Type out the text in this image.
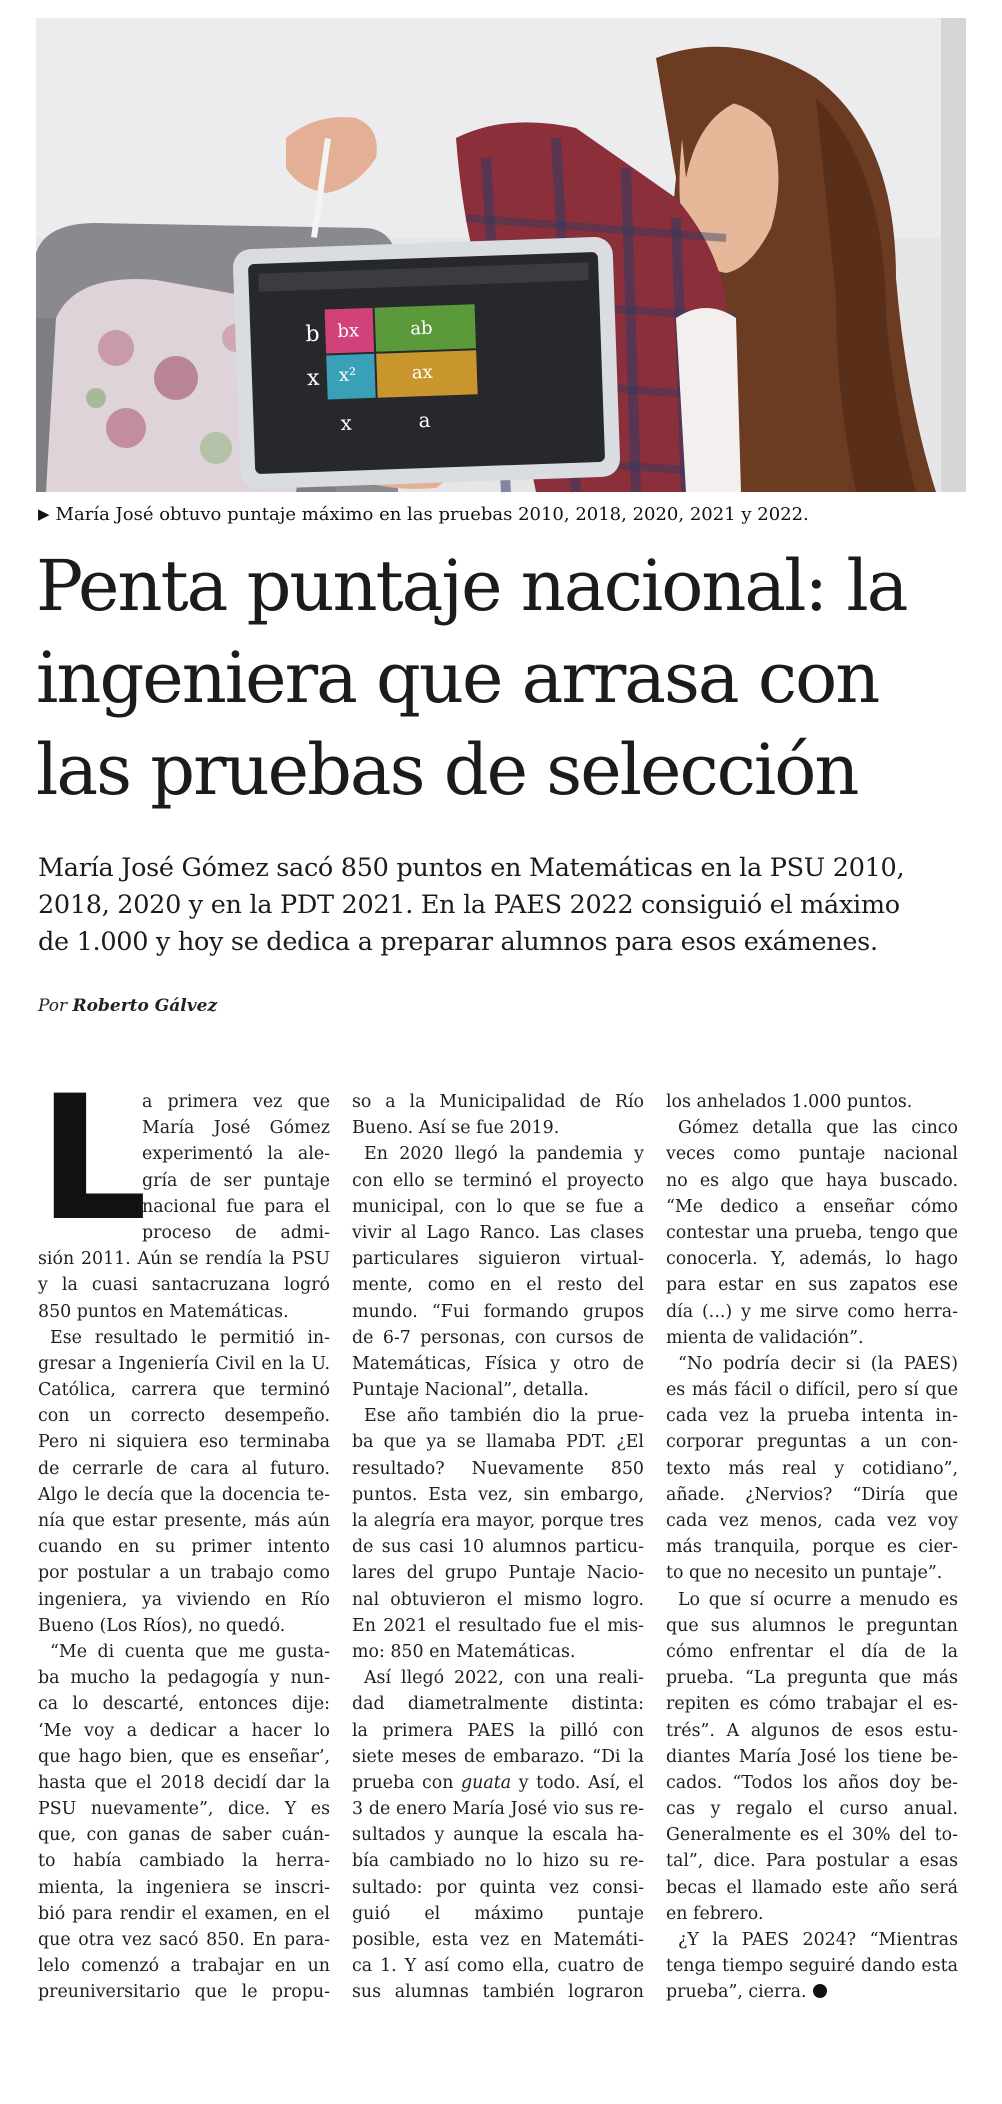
b bx	ab
x x²	ax
x	a
▶ María José obtuvo puntaje máximo en las pruebas 2010, 2018, 2020, 2021 y 2022.
Penta puntaje nacional: la
ingeniera que arrasa con
las pruebas de selección
María José Gómez sacó 850 puntos en Matemáticas en la PSU 2010,
2018, 2020 y en la PDT 2021. En la PAES 2022 consiguió el máximo
de 1.000 y hoy se dedica a preparar alumnos para esos exámenes.
Por Roberto Gálvez
L
a primera vez que
María José Gómez
experimentó la ale-
gría de ser puntaje
nacional fue para el
proceso de admi-
sión 2011. Aún se rendía la PSU
y la cuasi santacruzana logró
850 puntos en Matemáticas.
Ese resultado le permitió in-
gresar a Ingeniería Civil en la U.
Católica, carrera que terminó
con un correcto desempeño.
Pero ni siquiera eso terminaba
de cerrarle de cara al futuro.
Algo le decía que la docencia te-
nía que estar presente, más aún
cuando en su primer intento
por postular a un trabajo como
ingeniera, ya viviendo en Río
Bueno (Los Ríos), no quedó.
“Me di cuenta que me gusta-
ba mucho la pedagogía y nun-
ca lo descarté, entonces dije:
‘Me voy a dedicar a hacer lo
que hago bien, que es enseñar’,
hasta que el 2018 decidí dar la
PSU nuevamente”, dice. Y es
que, con ganas de saber cuán-
to había cambiado la herra-
mienta, la ingeniera se inscri-
bió para rendir el examen, en el
que otra vez sacó 850. En para-
lelo comenzó a trabajar en un
preuniversitario que le propu-
so a la Municipalidad de Río
Bueno. Así se fue 2019.
En 2020 llegó la pandemia y
con ello se terminó el proyecto
municipal, con lo que se fue a
vivir al Lago Ranco. Las clases
particulares siguieron virtual-
mente, como en el resto del
mundo. “Fui formando grupos
de 6-7 personas, con cursos de
Matemáticas, Física y otro de
Puntaje Nacional”, detalla.
Ese año también dio la prue-
ba que ya se llamaba PDT. ¿El
resultado? Nuevamente 850
puntos. Esta vez, sin embargo,
la alegría era mayor, porque tres
de sus casi 10 alumnos particu-
lares del grupo Puntaje Nacio-
nal obtuvieron el mismo logro.
En 2021 el resultado fue el mis-
mo: 850 en Matemáticas.
Así llegó 2022, con una reali-
dad diametralmente distinta:
la primera PAES la pilló con
siete meses de embarazo. “Di la
prueba con guata y todo. Así, el
3 de enero María José vio sus re-
sultados y aunque la escala ha-
bía cambiado no lo hizo su re-
sultado: por quinta vez consi-
guió el máximo puntaje
posible, esta vez en Matemáti-
ca 1. Y así como ella, cuatro de
sus alumnas también lograron
los anhelados 1.000 puntos.
Gómez detalla que las cinco
veces como puntaje nacional
no es algo que haya buscado.
“Me dedico a enseñar cómo
contestar una prueba, tengo que
conocerla. Y, además, lo hago
para estar en sus zapatos ese
día (...) y me sirve como herra-
mienta de validación”.
“No podría decir si (la PAES)
es más fácil o difícil, pero sí que
cada vez la prueba intenta in-
corporar preguntas a un con-
texto más real y cotidiano”,
añade. ¿Nervios? “Diría que
cada vez menos, cada vez voy
más tranquila, porque es cier-
to que no necesito un puntaje”.
Lo que sí ocurre a menudo es
que sus alumnos le preguntan
cómo enfrentar el día de la
prueba. “La pregunta que más
repiten es cómo trabajar el es-
trés”. A algunos de esos estu-
diantes María José los tiene be-
cados. “Todos los años doy be-
cas y regalo el curso anual.
Generalmente es el 30% del to-
tal”, dice. Para postular a esas
becas el llamado este año será
en febrero.
¿Y la PAES 2024? “Mientras
tenga tiempo seguiré dando esta
prueba”, cierra.
